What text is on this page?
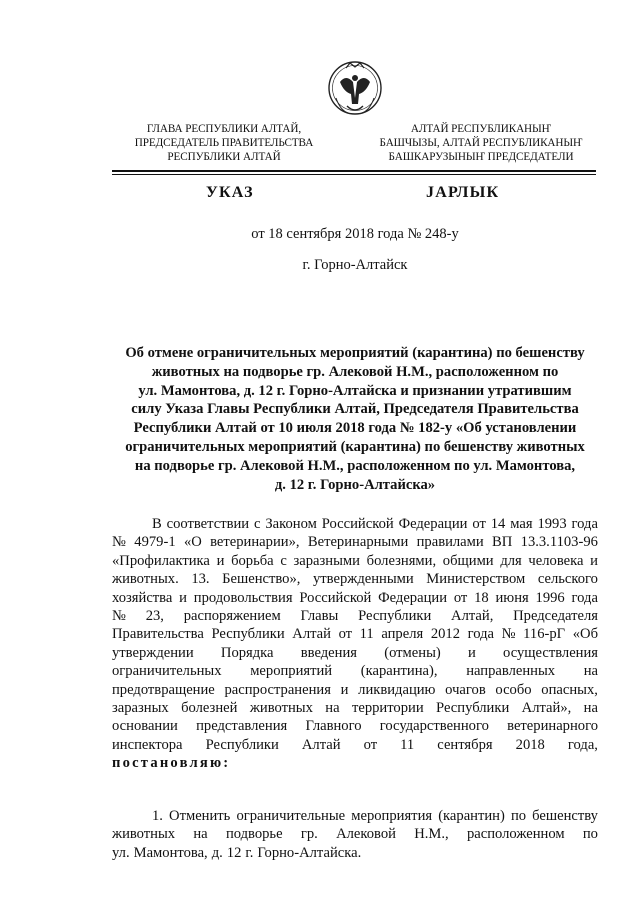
ГЛАВА РЕСПУБЛИКИ АЛТАЙ,
ПРЕДСЕДАТЕЛЬ ПРАВИТЕЛЬСТВА
РЕСПУБЛИКИ АЛТАЙ
АЛТАЙ РЕСПУБЛИКАНЫҤ
БАШЧЫЗЫ, АЛТАЙ РЕСПУБЛИКАНЫҤ
БАШКАРУЗЫНЫҤ ПРЕДСЕДАТЕЛИ
УКАЗ	JАРЛЫК
от 18 сентября 2018 года № 248-у
г. Горно-Алтайск
Об отмене ограничительных мероприятий (карантина) по бешенству
животных на подворье гр. Алековой Н.М., расположенном по
ул. Мамонтова, д. 12 г. Горно-Алтайска и признании утратившим
силу Указа Главы Республики Алтай, Председателя Правительства
Республики Алтай от 10 июля 2018 года № 182-у «Об установлении
ограничительных мероприятий (карантина) по бешенству животных
на подворье гр. Алековой Н.М., расположенном по ул. Мамонтова,
д. 12 г. Горно-Алтайска»
В соответствии с Законом Российской Федерации от 14 мая 1993 года
№ 4979-1 «О ветеринарии», Ветеринарными правилами ВП 13.3.1103-96
«Профилактика и борьба с заразными болезнями, общими для человека и
животных. 13. Бешенство», утвержденными Министерством сельского
хозяйства и продовольствия Российской Федерации от 18 июня 1996 года
№ 23, распоряжением Главы Республики Алтай, Председателя
Правительства Республики Алтай от 11 апреля 2012 года № 116-рГ «Об
утверждении Порядка введения (отмены) и осуществления
ограничительных мероприятий (карантина), направленных на
предотвращение распространения и ликвидацию очагов особо опасных,
заразных болезней животных на территории Республики Алтай», на
основании представления Главного государственного ветеринарного
инспектора Республики Алтай от 11 сентября 2018 года,
постановляю:
1. Отменить ограничительные мероприятия (карантин) по бешенству
животных на подворье гр. Алековой Н.М., расположенном по
ул. Мамонтова, д. 12 г. Горно-Алтайска.
